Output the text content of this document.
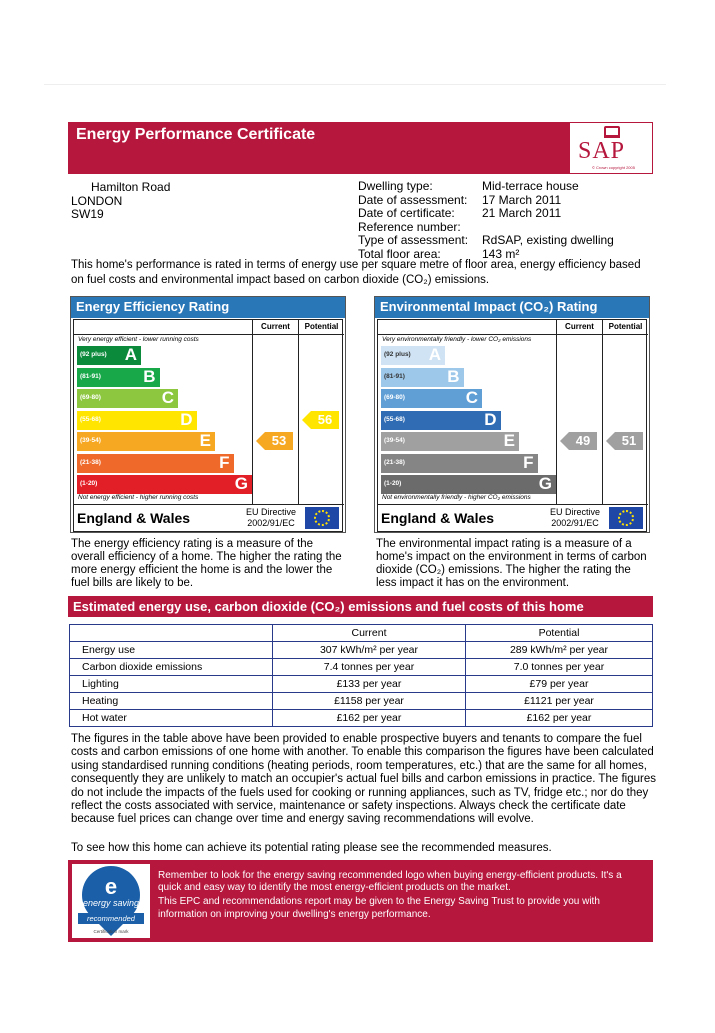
Energy Performance Certificate
SAP
© Crown copyright 2005
Hamilton Road
LONDON
SW19
Dwelling type:	Mid-terrace house
Date of assessment:	17 March 2011
Date of certificate:	21 March 2011
Reference number:
Type of assessment:	RdSAP, existing dwelling
Total floor area:	143 m²
This home's performance is rated in terms of energy use per square metre of floor area, energy efficiency based on fuel costs and environmental impact based on carbon dioxide (CO₂) emissions.
Energy Efficiency Rating
Current	Potential
Very energy efficient - lower running costs
(92 plus) A
(81-91) B
(69-80)	C
(55-68)	D
(39-54)	E
(21-38)	F
(1-20)	G
Not energy efficient - higher running costs
53
56
England & Wales	EU Directive
2002/91/EC
Environmental Impact (CO₂) Rating
Current	Potential
Very environmentally friendly - lower CO₂ emissions
(92 plus) A
(81-91) B
(69-80)	C
(55-68)	D
(39-54)	E
(21-38)	F
(1-20)	G
Not environmentally friendly - higher CO₂ emissions
49	51
England & Wales	EU Directive
2002/91/EC
The energy efficiency rating is a measure of the overall efficiency of a home. The higher the rating the more energy efficient the home is and the lower the fuel bills are likely to be.
The environmental impact rating is a measure of a home's impact on the environment in terms of carbon dioxide (CO₂) emissions. The higher the rating the less impact it has on the environment.
Estimated energy use, carbon dioxide (CO₂) emissions and fuel costs of this home
	Current	Potential
Energy use	307 kWh/m² per year	289 kWh/m² per year
Carbon dioxide emissions	7.4 tonnes per year	7.0 tonnes per year
Lighting	£133 per year	£79 per year
Heating	£1158 per year	£1121 per year
Hot water	£162 per year	£162 per year
The figures in the table above have been provided to enable prospective buyers and tenants to compare the fuel costs and carbon emissions of one home with another. To enable this comparison the figures have been calculated using standardised running conditions (heating periods, room temperatures, etc.) that are the same for all homes, consequently they are unlikely to match an occupier's actual fuel bills and carbon emissions in practice. The figures do not include the impacts of the fuels used for cooking or running appliances, such as TV, fridge etc.; nor do they reflect the costs associated with service, maintenance or safety inspections. Always check the certificate date because fuel prices can change over time and energy saving recommendations will evolve.
To see how this home can achieve its potential rating please see the recommended measures.
e
energy saving
recommended
Certification mark

Remember to look for the energy saving recommended logo when buying energy-efficient products. It's a quick and easy way to identify the most energy-efficient products on the market.

This EPC and recommendations report may be given to the Energy Saving Trust to provide you with information on improving your dwelling's energy performance.
